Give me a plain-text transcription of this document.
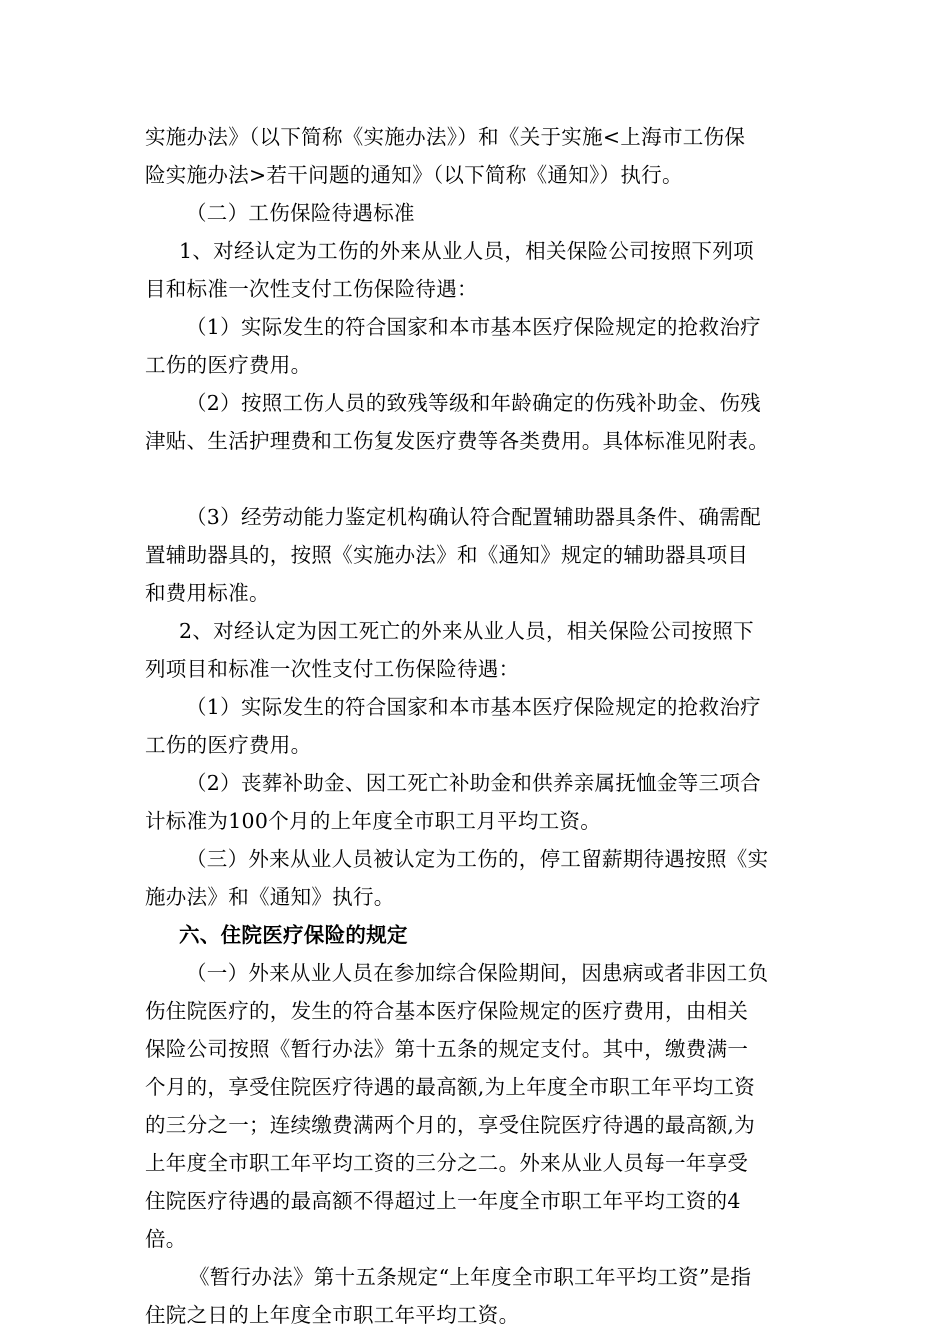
实施办法》（以下简称《实施办法》）和《关于实施<上海市工伤保
险实施办法>若干问题的通知》（以下简称《通知》）执行。
（二）工伤保险待遇标准
1、对经认定为工伤的外来从业人员，相关保险公司按照下列项
目和标准一次性支付工伤保险待遇：
（1）实际发生的符合国家和本市基本医疗保险规定的抢救治疗
工伤的医疗费用。
（2）按照工伤人员的致残等级和年龄确定的伤残补助金、伤残
津贴、生活护理费和工伤复发医疗费等各类费用。具体标准见附表。
（3）经劳动能力鉴定机构确认符合配置辅助器具条件、确需配
置辅助器具的，按照《实施办法》和《通知》规定的辅助器具项目
和费用标准。
2、对经认定为因工死亡的外来从业人员，相关保险公司按照下
列项目和标准一次性支付工伤保险待遇：
（1）实际发生的符合国家和本市基本医疗保险规定的抢救治疗
工伤的医疗费用。
（2）丧葬补助金、因工死亡补助金和供养亲属抚恤金等三项合
计标准为100个月的上年度全市职工月平均工资。
（三）外来从业人员被认定为工伤的，停工留薪期待遇按照《实
施办法》和《通知》执行。
六、住院医疗保险的规定
（一）外来从业人员在参加综合保险期间，因患病或者非因工负
伤住院医疗的，发生的符合基本医疗保险规定的医疗费用，由相关
保险公司按照《暂行办法》第十五条的规定支付。其中，缴费满一
个月的，享受住院医疗待遇的最高额,为上年度全市职工年平均工资
的三分之一；连续缴费满两个月的，享受住院医疗待遇的最高额,为
上年度全市职工年平均工资的三分之二。外来从业人员每一年享受
住院医疗待遇的最高额不得超过上一年度全市职工年平均工资的4
倍。
《暂行办法》第十五条规定“上年度全市职工年平均工资”是指
住院之日的上年度全市职工年平均工资。
